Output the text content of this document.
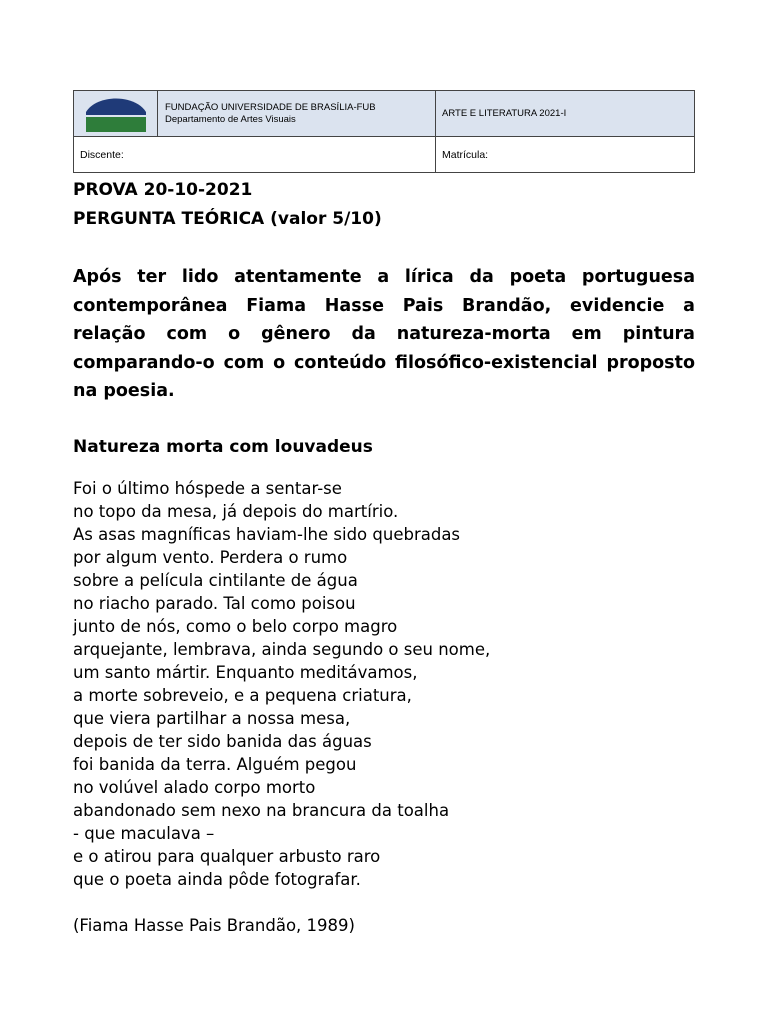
FUNDAÇÃO UNIVERSIDADE DE BRASÍLIA-FUB
Departamento de Artes Visuais	ARTE E LITERATURA 2021-I
Discente:		Matrícula:

PROVA 20-10-2021
PERGUNTA TEÓRICA (valor 5/10)

Após ter lido atentamente a lírica da poeta portuguesa contemporânea Fiama Hasse Pais Brandão, evidencie a relação com o gênero da natureza-morta em pintura comparando-o com o conteúdo filosófico-existencial proposto na poesia.

Natureza morta com louvadeus

Foi o último hóspede a sentar-se
no topo da mesa, já depois do martírio.
As asas magníficas haviam-lhe sido quebradas
por algum vento. Perdera o rumo
sobre a película cintilante de água
no riacho parado. Tal como poisou
junto de nós, como o belo corpo magro
arquejante, lembrava, ainda segundo o seu nome,
um santo mártir. Enquanto meditávamos,
a morte sobreveio, e a pequena criatura,
que viera partilhar a nossa mesa,
depois de ter sido banida das águas
foi banida da terra. Alguém pegou
no volúvel alado corpo morto
abandonado sem nexo na brancura da toalha
- que maculava –
e o atirou para qualquer arbusto raro
que o poeta ainda pôde fotografar.

(Fiama Hasse Pais Brandão, 1989)
